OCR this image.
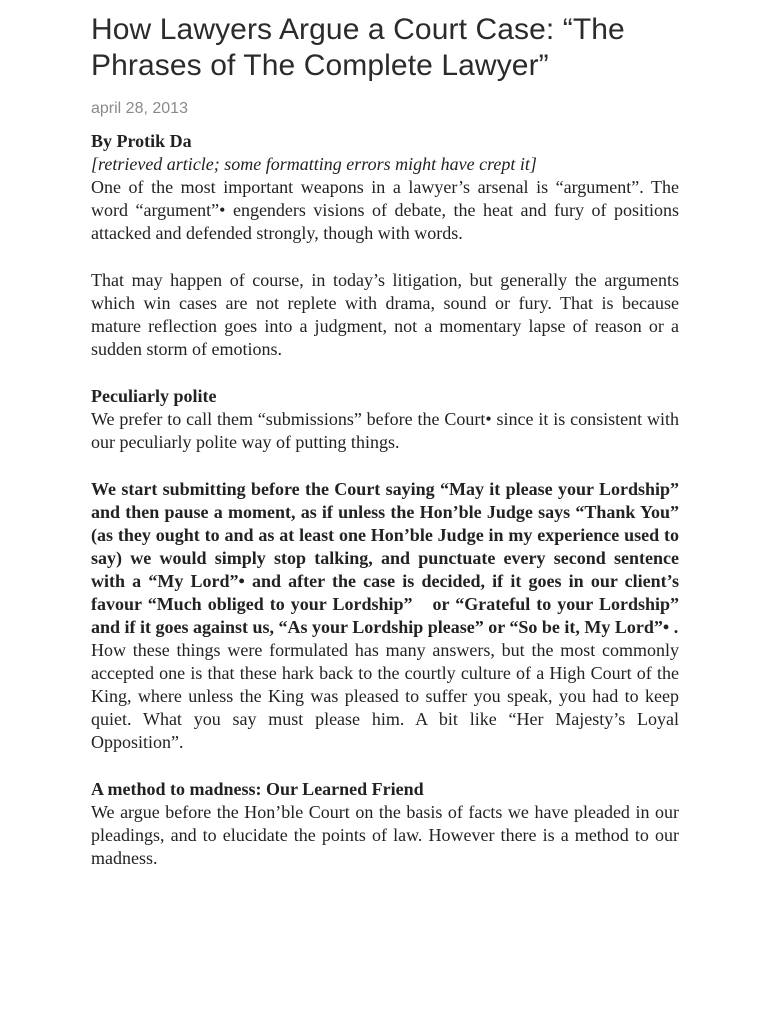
How Lawyers Argue a Court Case: “The Phrases of The Complete Lawyer”
april 28, 2013
By Protik Da
[retrieved article; some formatting errors might have crept it]

One of the most important weapons in a lawyer’s arsenal is “argument”. The word “argument”• engenders visions of debate, the heat and fury of positions attacked and defended strongly, though with words.

That may happen of course, in today’s litigation, but generally the arguments which win cases are not replete with drama, sound or fury. That is because mature reflection goes into a judgment, not a momentary lapse of reason or a sudden storm of emotions.

Peculiarly polite

We prefer to call them “submissions” before the Court• since it is consistent with our peculiarly polite way of putting things.

We start submitting before the Court saying “May it please your Lordship” and then pause a moment, as if unless the Hon’ble Judge says “Thank You” (as they ought to and as at least one Hon’ble Judge in my experience used to say) we would simply stop talking, and punctuate every second sentence with a “My Lord”• and after the case is decided, if it goes in our client’s favour “Much obliged to your Lordship”  or “Grateful to your Lordship” and if it goes against us, “As your Lordship please” or “So be it, My Lord”• .

How these things were formulated has many answers, but the most commonly accepted one is that these hark back to the courtly culture of a High Court of the King, where unless the King was pleased to suffer you speak, you had to keep quiet. What you say must please him. A bit like “Her Majesty’s Loyal Opposition”.

A method to madness: Our Learned Friend

We argue before the Hon’ble Court on the basis of facts we have pleaded in our pleadings, and to elucidate the points of law. However there is a method to our madness.
